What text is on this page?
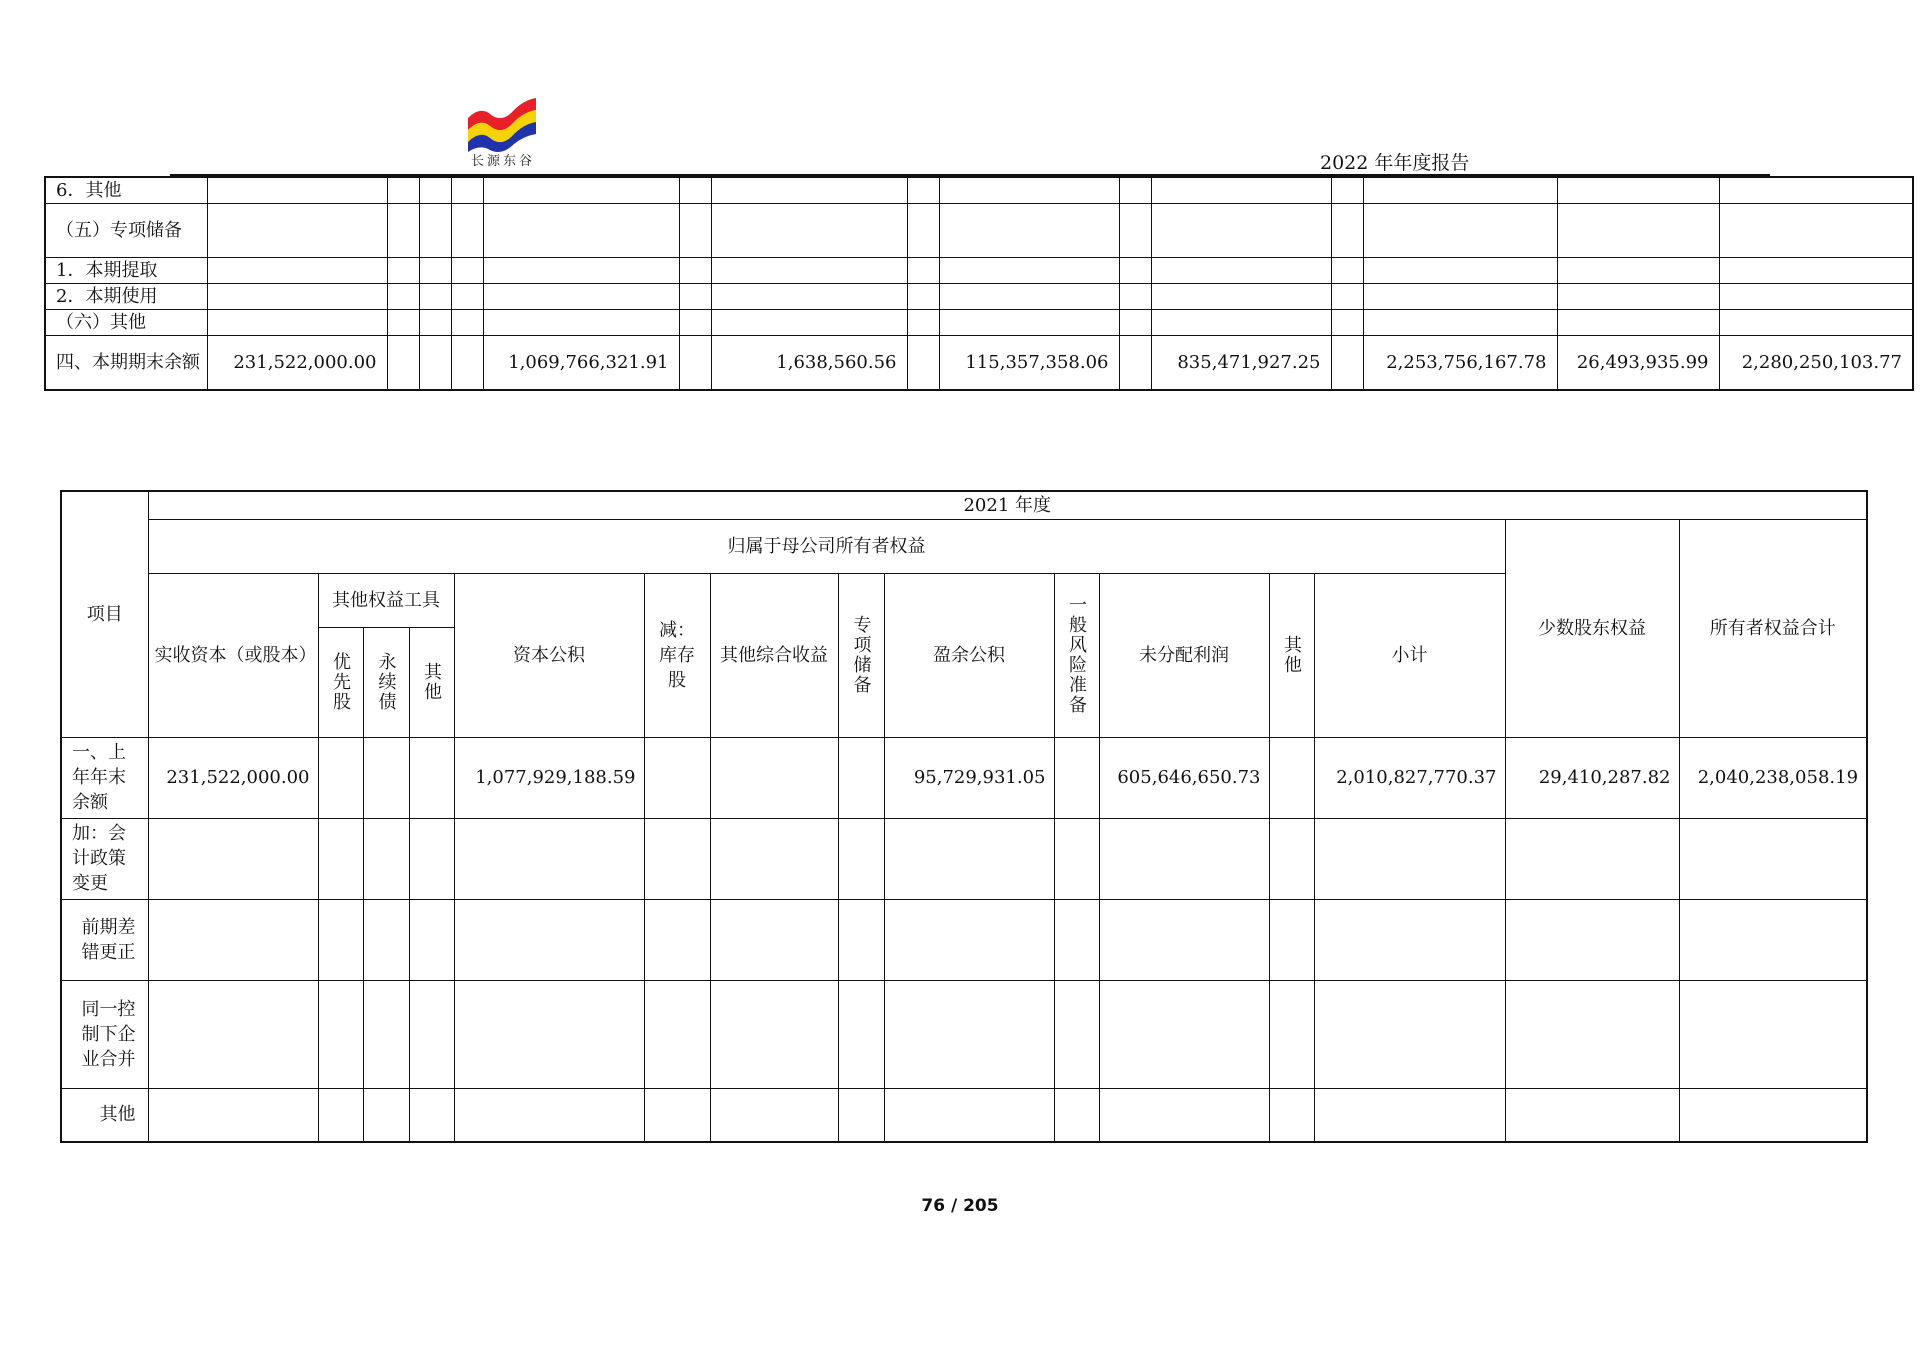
长源东谷	2022 年年度报告
6．其他															
（五）专项储备															
1．本期提取															
2．本期使用															
（六）其他															
四、本期期末余额	231,522,000.00				1,069,766,321.91		1,638,560.56		115,357,358.06		835,471,927.25		2,253,756,167.78	26,493,935.99	2,280,250,103.77
项目	2021 年度														
	归属于母公司所有者权益													少数股东权益	所有者权益合计
	实收资本（或股本）	其他权益工具			资本公积	减：库存股	其他综合收益	专项储备	盈余公积	一般风险准备	未分配利润	其他	小计		

		优先股	永续债	其他											

一、上年年末余额	231,522,000.00				1,077,929,188.59				95,729,931.05		605,646,650.73		2,010,827,770.37	29,410,287.82	2,040,238,058.19
加：会计政策变更															
前期差错更正															
同一控制下企业合并															
其他															
76 / 205
